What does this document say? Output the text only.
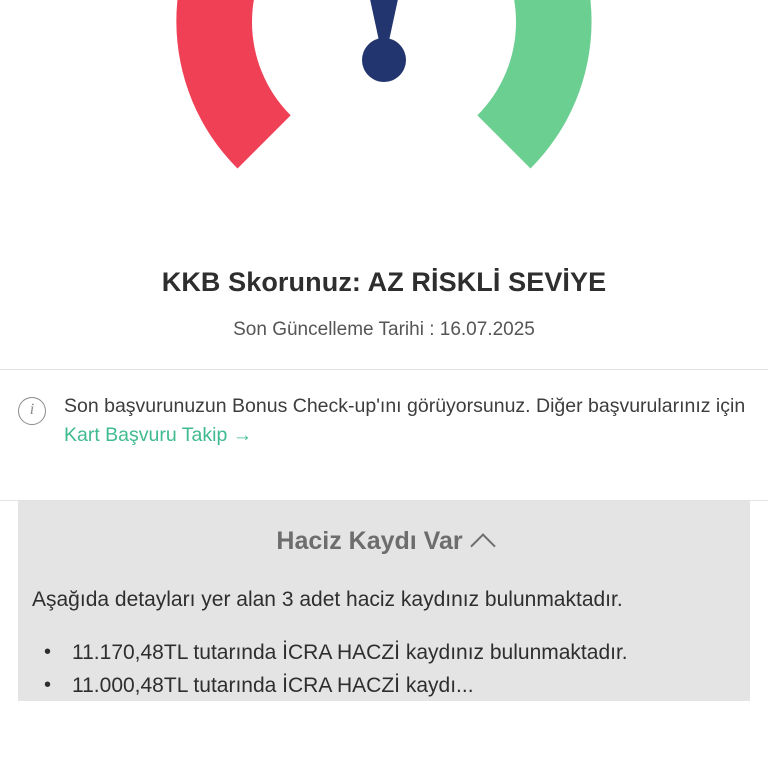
KKB Skorunuz: AZ RİSKLİ SEVİYE
Son Güncelleme Tarihi : 16.07.2025
i	Son başvurunuzun Bonus Check-up'ını görüyorsunuz. Diğer başvurularınız için Kart Başvuru Takip →
Haciz Kaydı Var
Aşağıda detayları yer alan 3 adet haciz kaydınız bulunmaktadır.
• 11.170,48TL tutarında İCRA HACZİ kaydınız bulunmaktadır.
• 11.000,48TL tutarında İCRA HACZİ kaydı...
